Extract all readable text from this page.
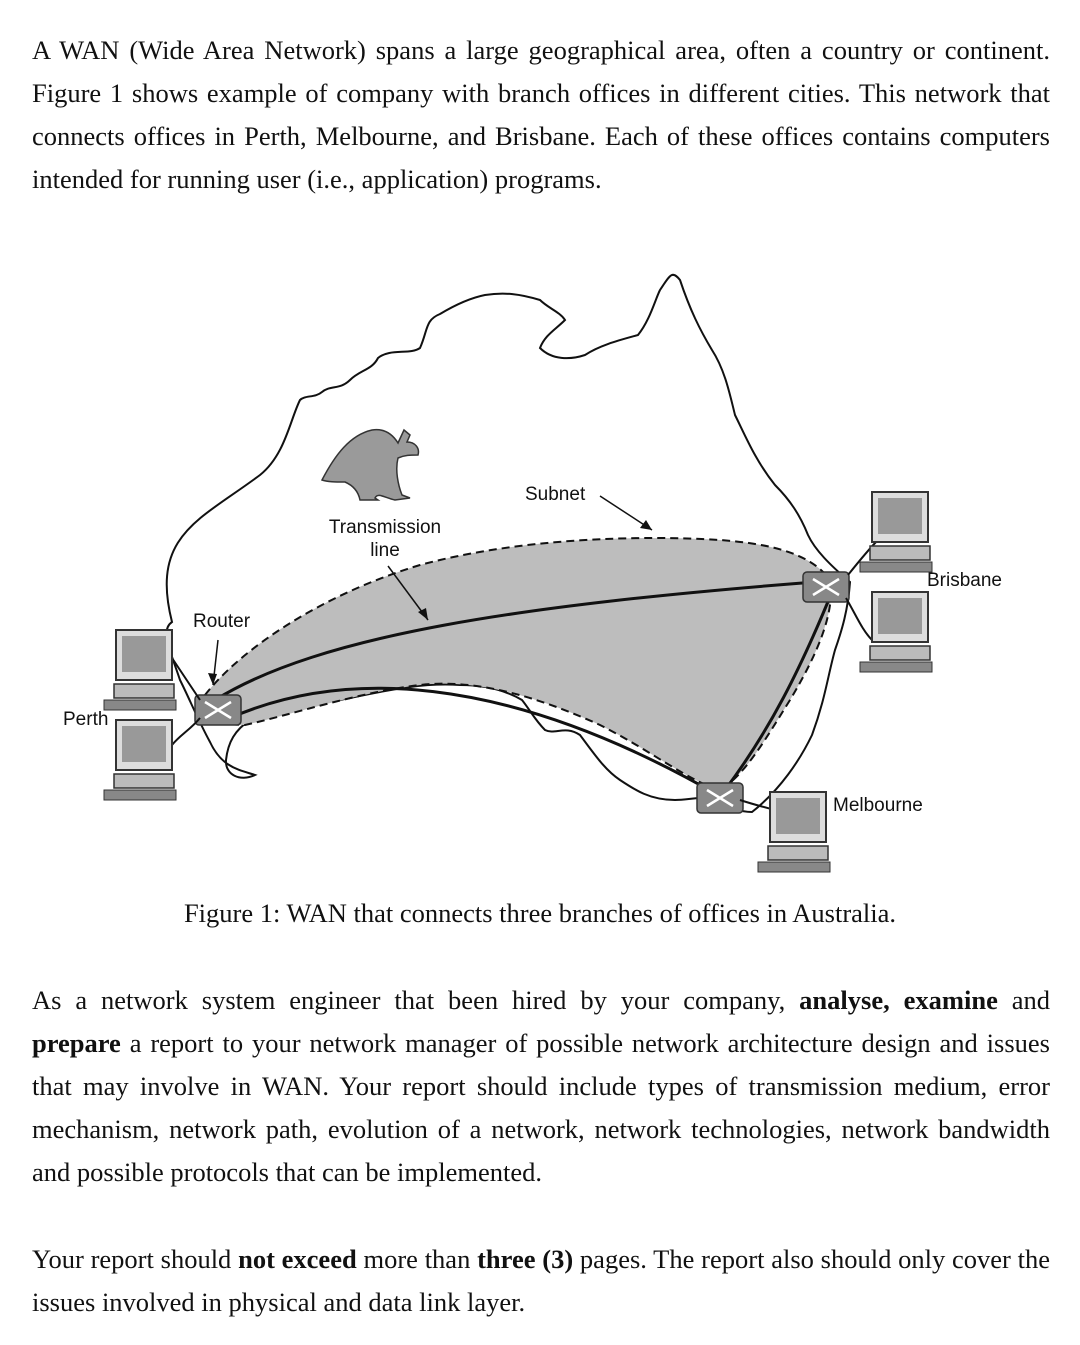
A WAN (Wide Area Network) spans a large geographical area, often a country or continent. Figure 1 shows example of company with branch offices in different cities. This network that connects offices in Perth, Melbourne, and Brisbane. Each of these offices contains computers intended for running user (i.e., application) programs.

Subnet
Transmission
line
Router
Perth
Brisbane
Melbourne
Figure 1: WAN that connects three branches of offices in Australia.

As a network system engineer that been hired by your company, analyse, examine and prepare a report to your network manager of possible network architecture design and issues that may involve in WAN. Your report should include types of transmission medium, error mechanism, network path, evolution of a network, network technologies, network bandwidth and possible protocols that can be implemented.

Your report should not exceed more than three (3) pages. The report also should only cover the issues involved in physical and data link layer.
